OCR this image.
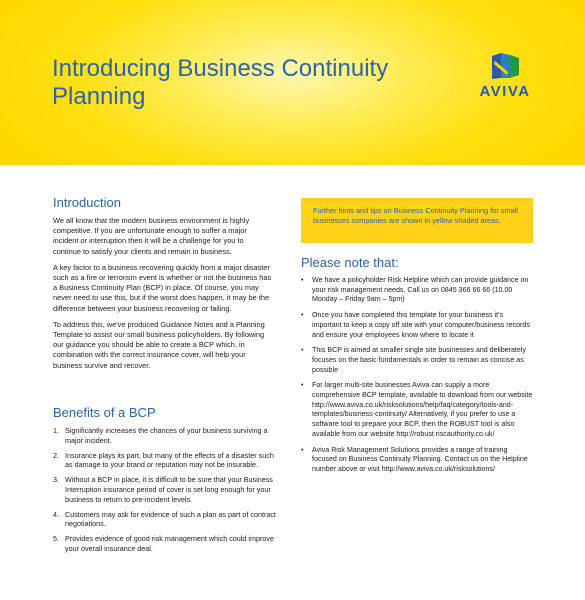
Introducing Business Continuity
Planning	AVIVA
Introduction

We all know that the modern business environment is highly competitive. If you are unfortunate enough to suffer a major incident or interruption then it will be a challenge for you to continue to satisfy your clients and remain in business.

A key factor to a business recovering quickly from a major disaster such as a fire or terrorism event is whether or not the business has a Business Continuity Plan (BCP) in place. Of course, you may never need to use this, but if the worst does happen, it may be the difference between your business recovering or failing.

To address this, we've produced Guidance Notes and a Planning Template to assist our small business policyholders. By following our guidance you should be able to create a BCP which, in combination with the correct insurance cover, will help your business survive and recover.

Benefits of a BCP
1. Significantly increases the chances of your business surviving a major incident.
2. Insurance plays its part, but many of the effects of a disaster such as damage to your brand or reputation may not be insurable.
3. Without a BCP in place, it is difficult to be sure that your Business Interruption insurance period of cover is set long enough for your business to return to pre-incident levels.
4. Customers may ask for evidence of such a plan as part of contract negotiations.
5. Provides evidence of good risk management which could improve your overall insurance deal.
Further hints and tips on Business Continuity Planning for small businesses companies are shown in yellow shaded areas.
Please note that:
• We have a policyholder Risk Helpline which can provide guidance on your risk management needs. Call us on 0845 366 66 66 (10.00 Monday – Friday 9am – 5pm)
• Once you have completed this template for your business it's important to keep a copy off site with your computer/business records and ensure your employees know where to locate it
• This BCP is aimed at smaller single site businesses and deliberately focuses on the basic fundamentals in order to remain as concise as possible
• For larger multi-site businesses Aviva can supply a more comprehensive BCP template, available to download from our website http://www.aviva.co.uk/risksolutions/help/faq/category/tools-and-templates/business-continuity/ Alternatively, if you prefer to use a software tool to prepare your BCP, then the ROBUST tool is also available from our website http://robust.riscauthority.co.uk/
• Aviva Risk Management Solutions provides a range of training focused on Business Continuity Planning. Contact us on the Helpline number above or visit http://www.aviva.co.uk/risksolutions/
